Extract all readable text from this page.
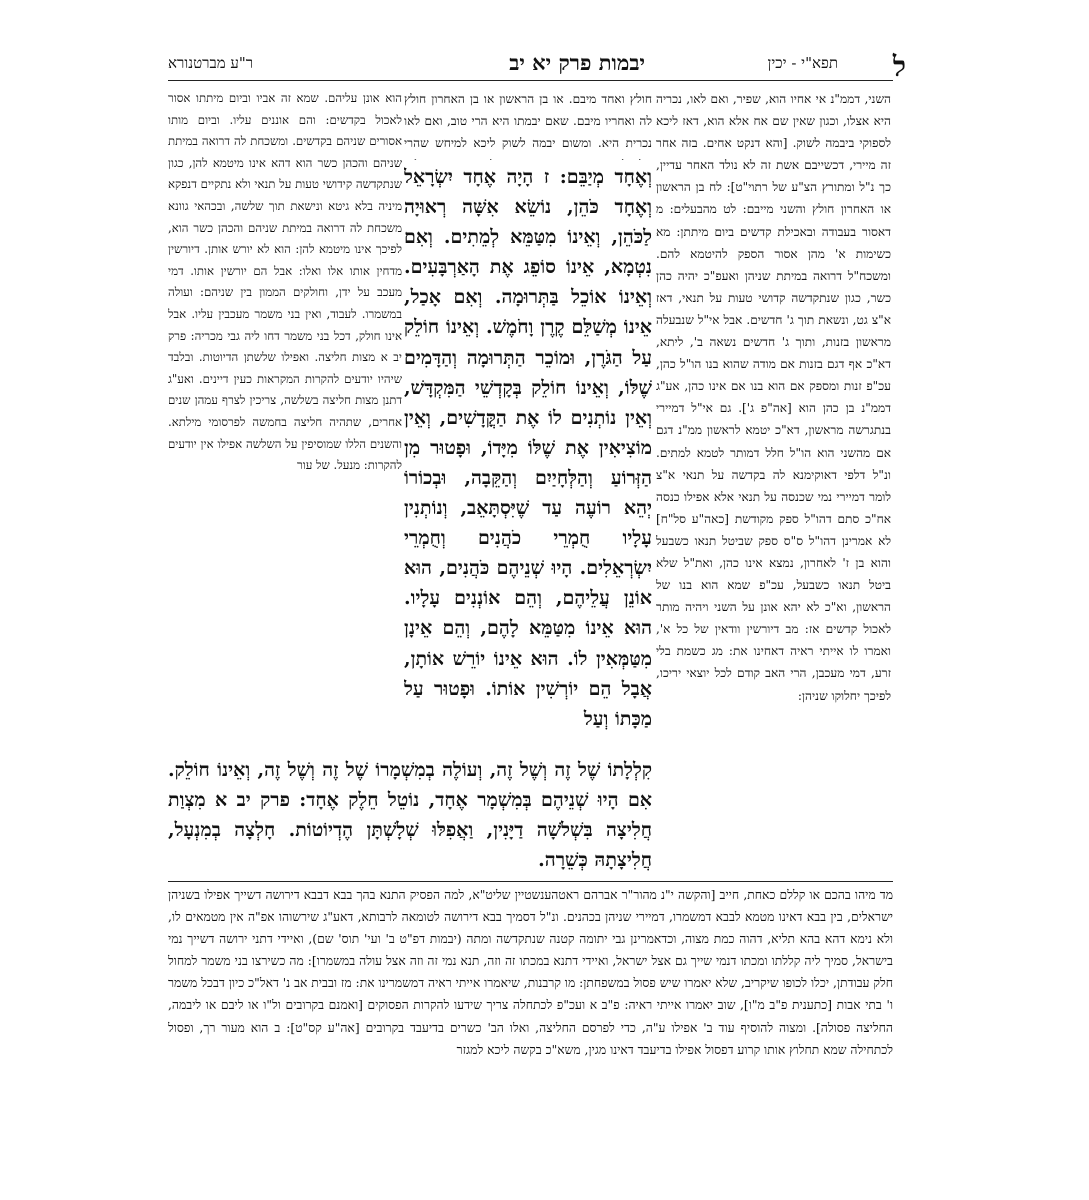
ל
תפא"י - יכין
יבמות פרק יא יב
ר"ע מברטנורא

השני, דממ"נ אי אחיו הוא, שפיר, ואם לאו, נכריה היא אצלו, וכגון שאין שם אח אלא הוא, דאז ליכא לספוקי ביבמה לשוק. [והא דנקט אחים. בזה אחר זה מיירי, דכשייבם אשת זה לא נולד האחר עדיין, כך נ"ל ומתורץ הצ"ע של רתוי"ט]: לח בן הראשון או האחרון חולץ והשני מייבם: לט מהבעלים: מ דאסור בעבודה ובאכילת קדשים ביום מיתתן: מא כשימות א' מהן אסור הספק להיטמא להם. ומשכח"ל דרואה במיתת שניהן ואעפ"כ יהיה כהן כשר, כגון שנתקדשה קדושי טעות על תנאי, דאז א"צ גט, ונשאת תוך ג' חדשים. אבל אי"ל שנבעלה מראשון בזנות, ותוך ג' חדשים נשאה ב', ליתא, דא"כ אף דגם בזנות אם מודה שהוא בנו הו"ל כהן, עכ"פ זנות ומספק אם הוא בנו אם אינו כהן, אע"ג דממ"נ בן כהן הוא [אה"פ ג']. גם אי"ל דמיירי בנתגרשה מראשון, דא"כ יטמא לראשון ממ"נ דגם אם מהשני הוא הו"ל חלל דמותר לטמא למתים. ונ"ל דלפי דאוקימנא לה בקדשה על תנאי א"צ לומר דמיירי נמי שכנסה על תנאי אלא אפילו כנסה אח"כ סתם דהו"ל ספק מקודשת [כאה"ע סל"ח] לא אמרינן דהו"ל ס"ס ספק שביטל תנאו כשבעל והוא בן ז' לאחרון, נמצא אינו כהן, ואת"ל שלא ביטל תנאו כשבעל, עכ"פ שמא הוא בנו של הראשון, וא"כ לא יהא אונן על השני ויהיה מותר לאכול קדשים אז: מב דיורשין וודאין של כל א', ואמרו לו אייתי ראיה דאחינו את: מג כשמת בלי זרע, דמי מעכבן, הרי האב קודם לכל יוצאי יריכו, לפיכך יחלוקו שניהן:

חולץ ואחד מיבם. או בן הראשון או בן האחרון חולץ לה ואחריו מיבם. שאם יבמתו היא הרי טוב, ואם לאו נכרית היא. ומשום יבמה לשוק ליכא למיחש שהרי

וְאֶחָד מְיַבֵּם: ז הָיָה אֶחָד יִשְׂרָאֵל וְאֶחָד כֹּהֵן, נוֹשֵׂא אִשָּׁה רְאוּיָה לַכֹּהֵן, וְאֵינוֹ מִטַּמֵּא לְמֵתִים. וְאִם נִטְמָא, אֵינוֹ סוֹפֵג אֶת הָאַרְבָּעִים. וְאֵינוֹ אוֹכֵל בַּתְּרוּמָה. וְאִם אָכַל, אֵינוֹ מְשַׁלֵּם קֶרֶן וָחֹמֶשׁ. וְאֵינוֹ חוֹלֵק עַל הַגֹּרֶן, וּמוֹכֵר הַתְּרוּמָה וְהַדָּמִים שֶׁלּוֹ, וְאֵינוֹ חוֹלֵק בְּקָדְשֵׁי הַמִּקְדָּשׁ, וְאֵין נוֹתְנִים לוֹ אֶת הַקֳּדָשִׁים, וְאֵין מוֹצִיאִין אֶת שֶׁלּוֹ מִיָּדוֹ, וּפָטוּר מִן הַזְּרוֹעַ וְהַלְּחָיַיִם וְהַקֵּבָה, וּבְכוֹרוֹ יְהֵא רוֹעֶה עַד שֶׁיִּסְתָּאֵב, וְנוֹתְנִין עָלָיו חֻמְרֵי כֹהֲנִים וְחֻמְרֵי יִשְׂרְאֵלִים. הָיוּ שְׁנֵיהֶם כֹּהֲנִים, הוּא אוֹנֵן עֲלֵיהֶם, וְהֵם אוֹנְנִים עָלָיו. הוּא אֵינוֹ מִטַּמֵּא לָהֶם, וְהֵם אֵינָן מִטַּמְּאִין לוֹ. הוּא אֵינוֹ יוֹרֵשׁ אוֹתָן, אֲבָל הֵם יוֹרְשִׁין אוֹתוֹ. וּפָטוּר עַל מַכָּתוֹ וְעַל

הוא אונן עליהם. שמא זה אביו וביום מיתתו אסור לאכול בקדשים: והם אוננים עליו. וביום מותו אסורים שניהם בקדשים. ומשכחת לה דרואה במיתת שניהם והכהן כשר הוא דהא אינו מיטמא להן, כגון שנתקדשה קידושי טעות על תנאי ולא נתקיים דנפקא מיניה בלא גיטא ונישאת תוך שלשה, ובכהאי גוונא משכחת לה דרואה במיתת שניהם והכהן כשר הוא, לפיכך אינו מיטמא להן: הוא לא יורש אותן. דיורשין מדחין אותו אלו ואלו: אבל הם יורשין אותו. דמי מעכב על ידן, וחולקים הממון בין שניהם: ועולה במשמרו. לעבוד, ואין בני משמר מעכבין עליו. אבל אינו חולק, דכל בני משמר דחו ליה גבי מכריה: פרק יב א מצות חליצה. ואפילו שלשתן הדיוטות. ובלבד שיהיו יודעים להקרות המקראות כעין דיינים. ואע"ג דתנן מצות חליצה בשלשה, צריכין לצרף עמהן שנים אחרים, שתהיה חליצה בחמשה לפרסומי מילתא. והשנים הללו שמוסיפין על השלשה אפילו אין יודעים להקרות: מנעל. של עור

קִלְלָתוֹ שֶׁל זֶה וְשֶׁל זֶה, וְעוֹלֶה בְמִשְׁמָרוֹ שֶׁל זֶה וְשֶׁל זֶה, וְאֵינוֹ חוֹלֵק. אִם הָיוּ שְׁנֵיהֶם בְּמִשְׁמָר אֶחָד, נוֹטֵל חֵלֶק אֶחָד: פרק יב א מִצְוַת חֲלִיצָה בִּשְׁלֹשָׁה דַיָּנִין, וַאֲפִלּוּ שְׁלָשְׁתָּן הֶדְיוֹטוֹת. חָלְצָה בְמִנְעָל, חֲלִיצָתָהּ כְּשֵׁרָה.

מד מיהו בהכם או קללם כאחת, חייב [והקשה י"נ מהור"ר אברהם ראטהענשטיין שליט"א, למה הפסיק התנא בהך בבא דבבא דירושה דשייך אפילו בשניהן ישראלים, בין בבא דאינו מטמא לבבא דמשמרו, דמיירי שניהן בכהנים. ונ"ל דסמיך בבא דירושה לטומאה לרבותא, דאע"ג שירשוהו אפ"ה אין מטמאים לו, ולא נימא דהא בהא תליא, דהוה כמת מצוה, וכדאמרינן גבי יתומה קטנה שנתקדשה ומתה (יבמות דפ"ט ב' ועי' תוס' שם), ואיידי דתני ירושה דשייך נמי בישראל, סמיך ליה קללתו ומכתו דנמי שייך גם אצל ישראל, ואיידי דתנא במכתו זה וזה, תנא נמי זה וזה אצל עולה במשמרו]: מה כשירצו בני משמר למחול חלק עבודתן, יכלו לכופו שיקריב, שלא יאמרו שיש פסול במשפחתן: מו קרבנות, שיאמרו אייתי ראיה דמשמרינו את: מז ובבית אב נ' דאל"כ כיון דבכל משמר ו' בתי אבות [כתענית פ"ב מ"ו], שוב יאמרו אייתי ראיה: פ"ב א ועכ"פ לכתחלה צריך שידעו להקרות הפסוקים [ואמנם בקרובים ול"ו או ליבם או ליבמה, החליצה פסולה]. ומצוה להוסיף עוד ב' אפילו ע"ה, כדי לפרסם החליצה, ואלו הב' כשרים בדיעבד בקרובים [אה"ע קס"ט]: ב הוא מעור רך, ופסול לכתחילה שמא תחלוץ אותו קרוע דפסול אפילו בדיעבד דאינו מגין, משא"כ בקשה ליכא למגזר
